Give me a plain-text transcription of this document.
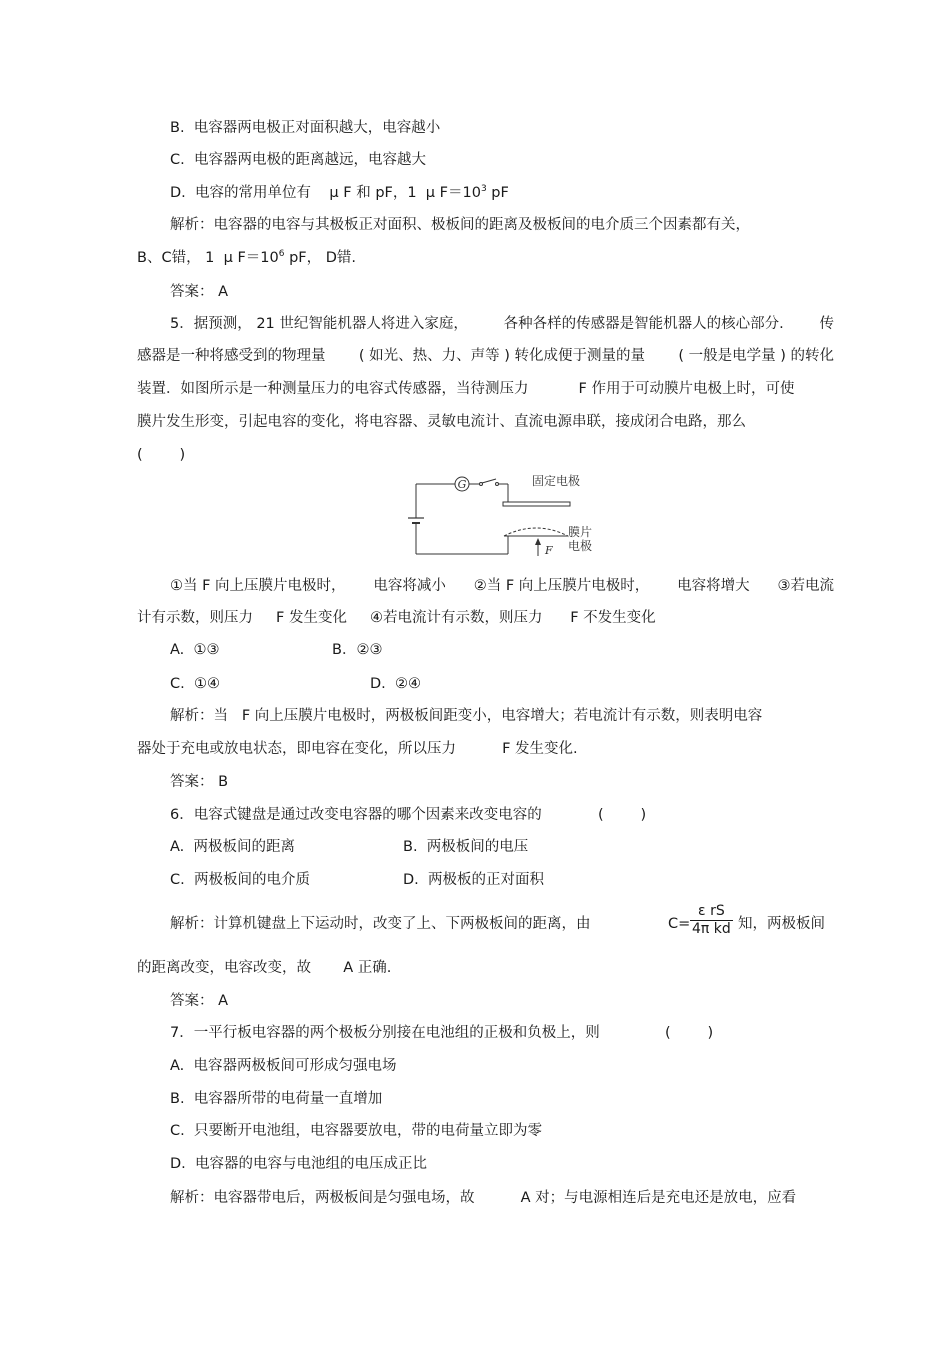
B.  电容器两电极正对面积越大，电容越小
C.  电容器两电极的距离越远，电容越大
D.  电容的常用单位有    μ F 和 pF，1  μ $F=10^3$ pF
解析：电容器的电容与其极板正对面积、极板间的距离及极板间的电介质三个因素都有关，
B、C错， 1  μ $F=10^6$ pF， D错.
答案： A
5．据预测， 21 世纪智能机器人将进入家庭， 各种各样的传感器是智能机器人的核心部分. 传
感器是一种将感受到的物理量 ( 如光、热、力、声等 ) 转化成便于测量的量 ( 一般是电学量 ) 的转化
装置．如图所示是一种测量压力的电容式传感器，当待测压力	F 作用于可动膜片电极上时，可使
膜片发生形变，引起电容的变化，将电容器、灵敏电流计、直流电源串联，接成闭合电路，那么
(        )
G	固定电极
膜片
电极
F
①当 F 向上压膜片电极时， 电容将减小 ②当 F 向上压膜片电极时， 电容将增大 ③若电流
计有示数，则压力     F 发生变化     ④若电流计有示数，则压力      F 不发生变化
A.  ①③	B．②③
C.  ①④	D.  ②④
解析：当   F 向上压膜片电极时，两极板间距变小，电容增大；若电流计有示数，则表明电容
器处于充电或放电状态，即电容在变化，所以压力          F 发生变化.
答案： B
6．电容式键盘是通过改变电容器的哪个因素来改变电容的	(        )
A.  两极板间的距离	B.  两极板间的电压
C.  两极板间的电介质	D.  两极板的正对面积
解析：计算机键盘上下运动时，改变了上、下两极板间的距离，由	$C= \frac{\text{ε rS}}{\text{4π kd}}$ 知，两极板间
的距离改变，电容改变，故       A 正确.
答案： A
7．一平行板电容器的两个极板分别接在电池组的正极和负极上，则	(        )
A.  电容器两极板间可形成匀强电场
B.  电容器所带的电荷量一直增加
C.  只要断开电池组，电容器要放电，带的电荷量立即为零
D.  电容器的电容与电池组的电压成正比
解析：电容器带电后，两极板间是匀强电场，故          A 对；与电源相连后是充电还是放电，应看
